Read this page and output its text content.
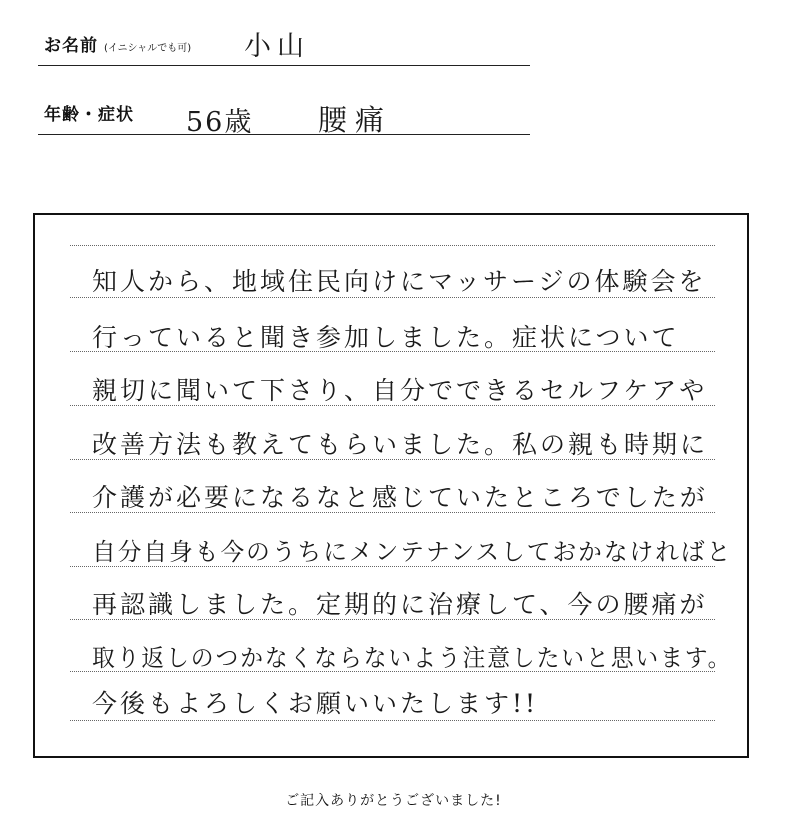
お名前 (イニシャルでも可) 小山
年齢・症状 56歳 腰痛
知人から、地域住民向けにマッサージの体験会を
行っていると聞き参加しました。症状について
親切に聞いて下さり、自分でできるセルフケアや
改善方法も教えてもらいました。私の親も時期に
介護が必要になるなと感じていたところでしたが
自分自身も今のうちにメンテナンスしておかなければと
再認識しました。定期的に治療して、今の腰痛が
取り返しのつかなくならないよう注意したいと思います。
今後もよろしくお願いいたします!!
ご記入ありがとうございました!
